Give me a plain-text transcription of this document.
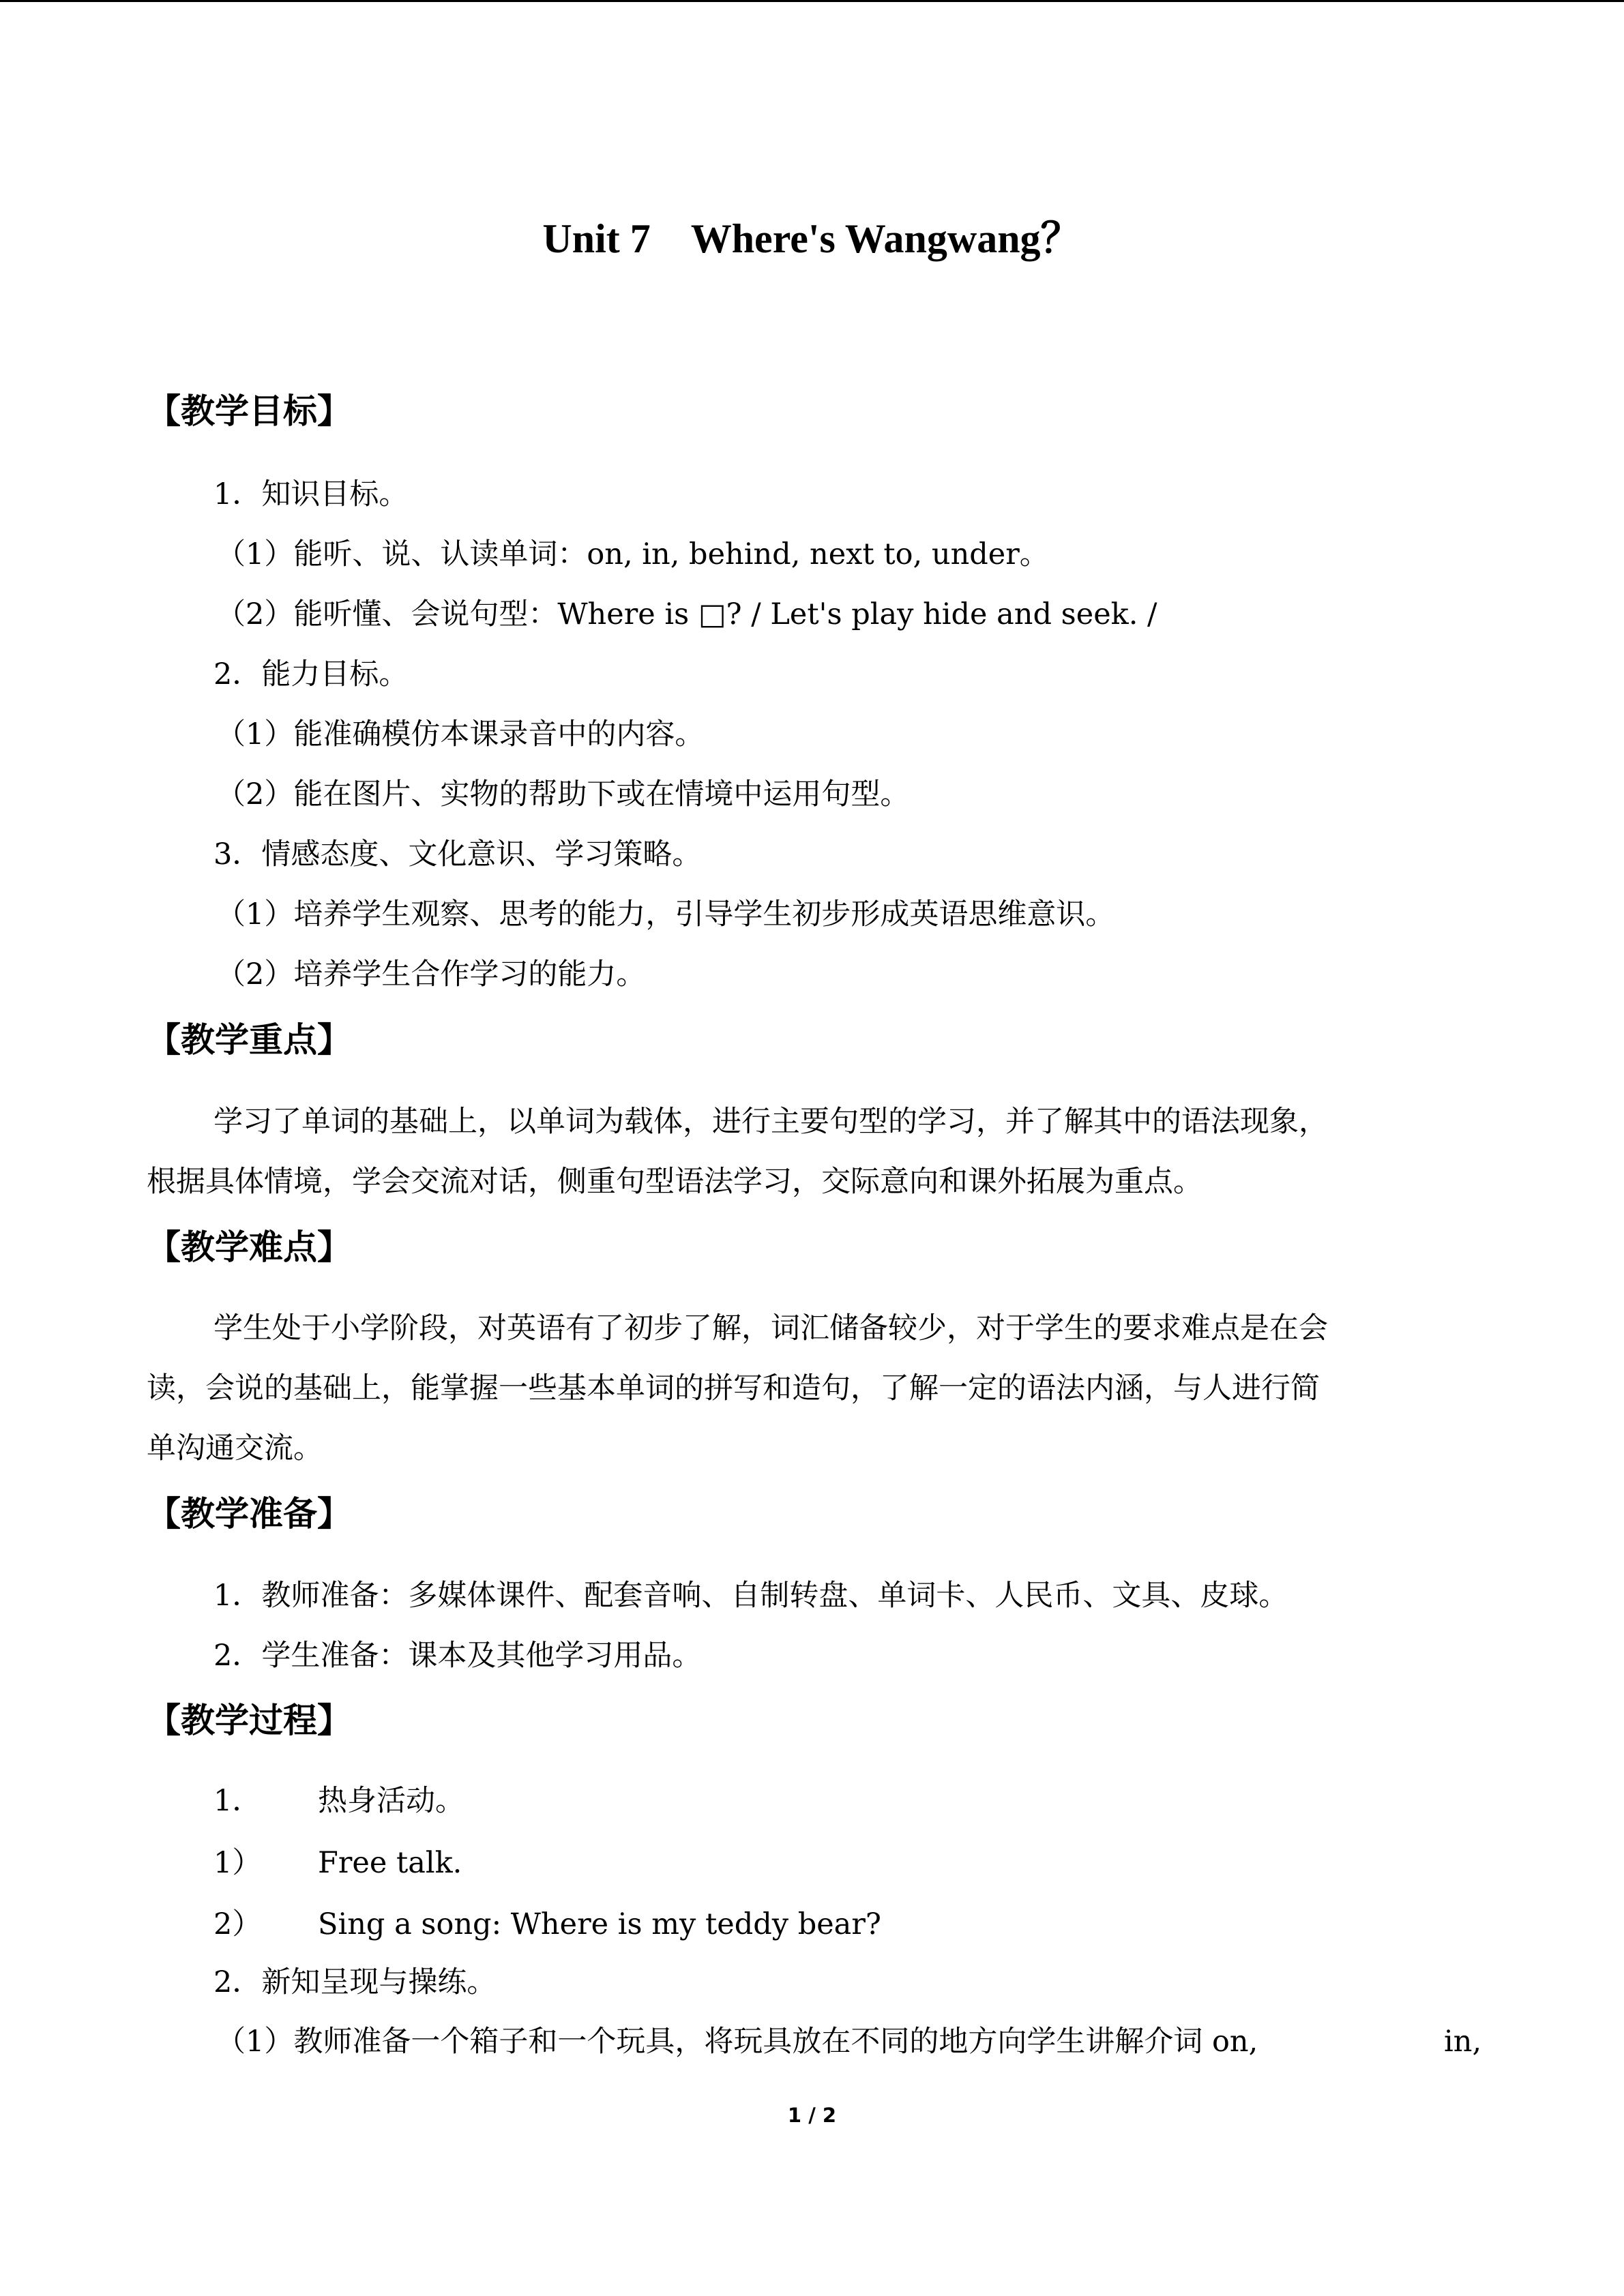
Unit 7    Where's Wangwang？
【教学目标】
1．知识目标。
（1）能听、说、认读单词：on, in, behind, next to, under。
（2）能听懂、会说句型：Where is □? / Let's play hide and seek. /
2．能力目标。
（1）能准确模仿本课录音中的内容。
（2）能在图片、实物的帮助下或在情境中运用句型。
3．情感态度、文化意识、学习策略。
（1）培养学生观察、思考的能力，引导学生初步形成英语思维意识。
（2）培养学生合作学习的能力。
【教学重点】
学习了单词的基础上，以单词为载体，进行主要句型的学习，并了解其中的语法现象，
根据具体情境，学会交流对话，侧重句型语法学习，交际意向和课外拓展为重点。
【教学难点】
学生处于小学阶段，对英语有了初步了解，词汇储备较少，对于学生的要求难点是在会
读，会说的基础上，能掌握一些基本单词的拼写和造句，了解一定的语法内涵，与人进行简
单沟通交流。
【教学准备】
1．教师准备：多媒体课件、配套音响、自制转盘、单词卡、人民币、文具、皮球。
2．学生准备：课本及其他学习用品。
【教学过程】
1． 热身活动。
1） Free talk.
2） Sing a song: Where is my teddy bear?
2．新知呈现与操练。
（1）教师准备一个箱子和一个玩具，将玩具放在不同的地方向学生讲解介词 on,	in,
1 / 2
